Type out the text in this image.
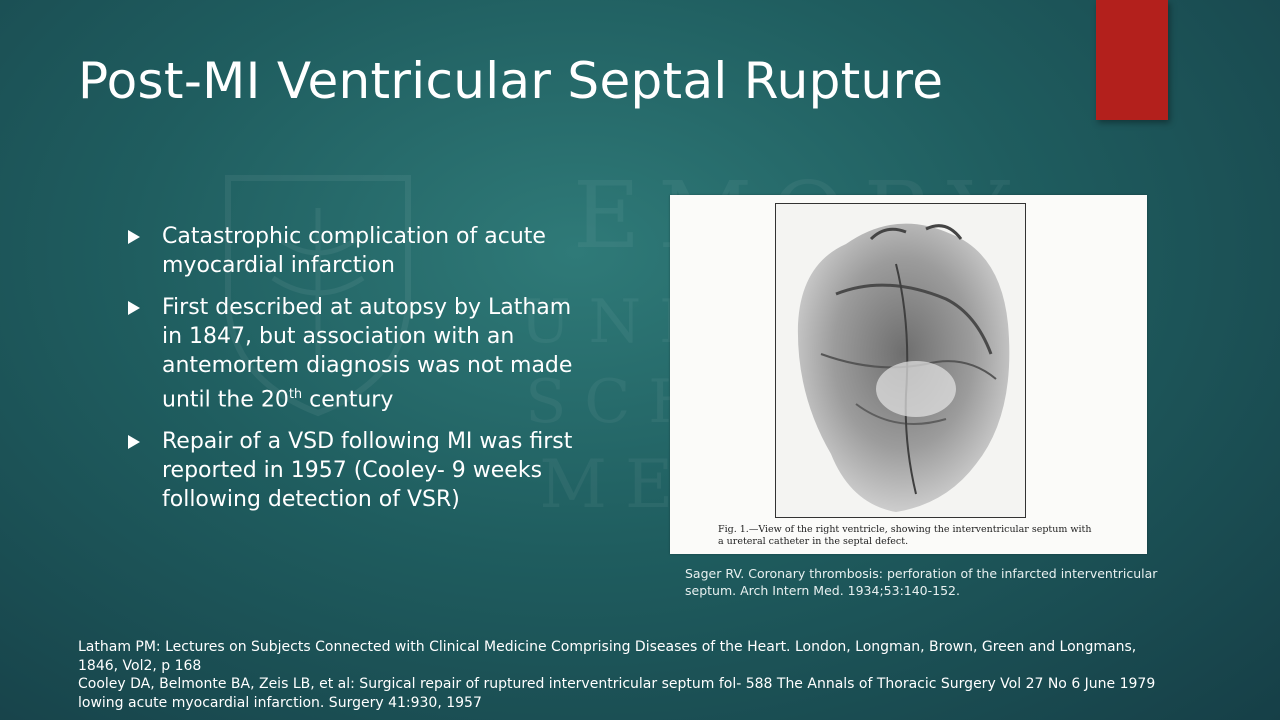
Post-MI Ventricular Septal Rupture
Catastrophic complication of acute myocardial infarction
First described at autopsy by Latham in 1847, but association with an antemortem diagnosis was not made until the 20th century
Repair of a VSD following MI was first reported in 1957 (Cooley- 9 weeks following detection of VSR)

Fig. 1.—View of the right ventricle, showing the interventricular septum with a ureteral catheter in the septal defect.

Sager RV. Coronary thrombosis: perforation of the infarcted interventricular septum. Arch Intern Med. 1934;53:140-152.

Latham PM: Lectures on Subjects Connected with Clinical Medicine Comprising Diseases of the Heart. London, Longman, Brown, Green and Longmans, 1846, Vol2, p 168

Cooley DA, Belmonte BA, Zeis LB, et al: Surgical repair of ruptured interventricular septum fol- 588 The Annals of Thoracic Surgery Vol 27 No 6 June 1979 lowing acute myocardial infarction. Surgery 41:930, 1957
